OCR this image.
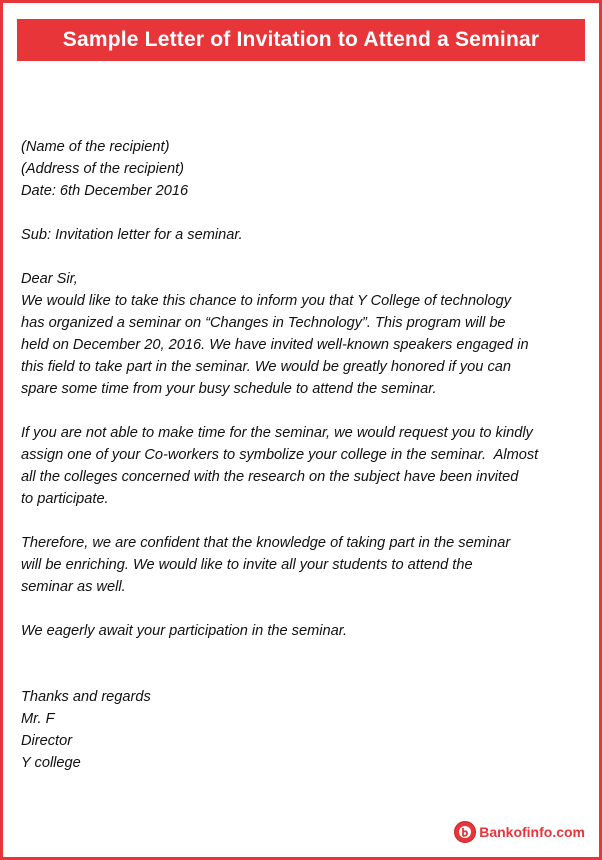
Sample Letter of Invitation to Attend a Seminar

(Name of the recipient)

(Address of the recipient)

Date: 6th December 2016

Sub: Invitation letter for a seminar.

Dear Sir,

We would like to take this chance to inform you that Y College of technology

has organized a seminar on “Changes in Technology”. This program will be

held on December 20, 2016. We have invited well-known speakers engaged in

this field to take part in the seminar. We would be greatly honored if you can

spare some time from your busy schedule to attend the seminar.

If you are not able to make time for the seminar, we would request you to kindly

assign one of your Co-workers to symbolize your college in the seminar.  Almost

all the colleges concerned with the research on the subject have been invited

to participate.

Therefore, we are confident that the knowledge of taking part in the seminar

will be enriching. We would like to invite all your students to attend the

seminar as well.

We eagerly await your participation in the seminar.

Thanks and regards

Mr. F

Director

Y college

Bankofinfo.com
